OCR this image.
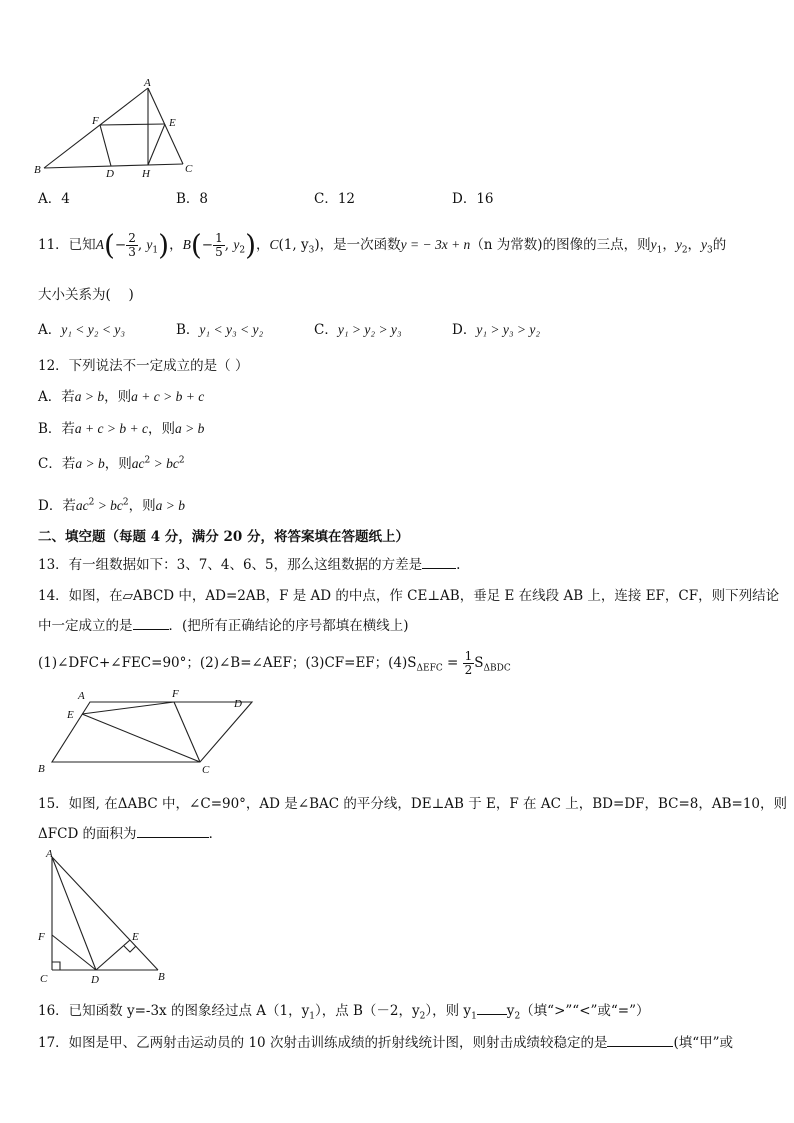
A
F	E
B	D	H	C
A．4	B．8	C．12	D．16
11．已知$A(- \frac{2}{3}$ , $y_1$)，$B(- \frac{1}{5}$ , $y_2$)，C(1, $y_3$)，是一次函数y = − 3x + n（n 为常数)的图像的三点，则$y_1$，$y_2$，$y_3$的
大小关系为(　 )
A．y₁ < y₂ < y₃	B．y₁ < y₃ < y₂	C．y₁ > y₂ > y₃	D．y₁ > y₃ > y₂
12．下列说法不一定成立的是（ ）
A．若a > b，则a + c > b + c
B．若a + c > b + c，则a > b
C．若a > b，则$ac^2 > bc^2$
D．若$ac^2 > bc^2$，则a > b
二、填空题（每题 4 分，满分 20 分，将答案填在答题纸上）
13．有一组数据如下：3、7、4、6、5，那么这组数据的方差是	.
14．如图，在▱ABCD 中，AD=2AB，F 是 AD 的中点，作 CE⊥AB，垂足 E 在线段 AB 上，连接 EF，CF，则下列结论
中一定成立的是	．(把所有正确结论的序号都填在横线上)
(1)∠DFC+∠FEC=90°；(2)∠B=∠AEF；(3)CF=EF；$(4)S_{\Delta EFC} = \frac{1}{2} S_{\Delta BDC}$
A	F
D
E
B	C
15．如图, 在ΔABC 中，∠C=90°，AD 是∠BAC 的平分线，DE⊥AB 于 E，F 在 AC 上，BD=DF，BC=8，AB=10，则
ΔFCD 的面积为	．
A
F	E
C	D	B
16．已知函数 y=-3x 的图象经过点 A（1，$y_1$），点 B（－2，$y_2$），则 $y_1$ $y_2$（填“>”“<”或“=”）
17．如图是甲、乙两射击运动员的 10 次射击训练成绩的折射线统计图，则射击成绩较稳定的是	(填“甲”或
